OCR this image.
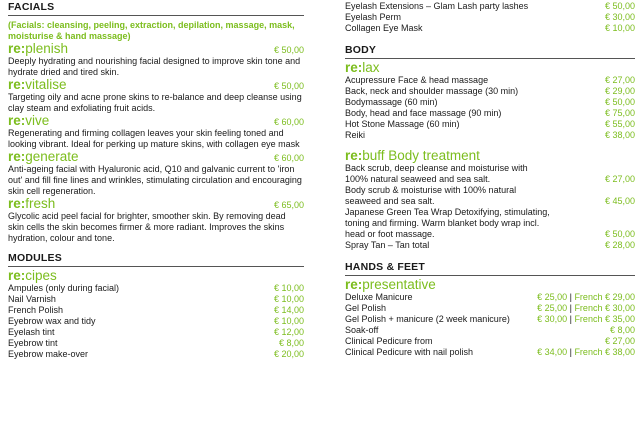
FACIALS
(Facials: cleansing, peeling, extraction, depilation, massage, mask, moisturise & hand massage)
re:plenish	€ 50,00
Deeply hydrating and nourishing facial designed to improve skin tone and hydrate dried and tired skin.
re:vitalise	€ 50,00
Targeting oily and acne prone skins to re-balance and deep cleanse using clay steam and exfoliating fruit acids.
re:vive	€ 60,00
Regenerating and firming collagen leaves your skin feeling toned and looking vibrant. Ideal for perking up mature skins, with collagen eye mask
re:generate	€ 60,00
Anti-ageing facial with Hyaluronic acid, Q10 and galvanic current to 'iron out' and fill fine lines and wrinkles, stimulating circulation and encouraging skin cell regeneration.
re:fresh	€ 65,00
Glycolic acid peel facial for brighter, smoother skin. By removing dead skin cells the skin becomes firmer & more radiant. Improves the skins hydration, colour and tone.
MODULES
re:cipes
Ampules (only during facial)	€ 10,00
Nail Varnish	€ 10,00
French Polish	€ 14,00
Eyebrow wax and tidy	€ 10,00
Eyelash tint	€ 12,00
Eyebrow tint	€ 8,00
Eyebrow make-over	€ 20,00
Eyelash Extensions – Glam Lash party lashes	€ 50,00
Eyelash Perm	€ 30,00
Collagen Eye Mask	€ 10,00
BODY
re:lax
Acupressure Face & head massage	€ 27,00
Back, neck and shoulder massage (30 min)	€ 29,00
Bodymassage (60 min)	€ 50,00
Body, head and face massage (90 min)	€ 75,00
Hot Stone Massage (60 min)	€ 55,00
Reiki	€ 38,00
re:buff Body treatment
Back scrub, deep cleanse and moisturise with 100% natural seaweed and sea salt.	€ 27,00
Body scrub & moisturise with 100% natural seaweed and sea salt.	€ 45,00
Japanese Green Tea Wrap Detoxifying, stimulating, toning and firming. Warm blanket body wrap incl. head or foot massage.	€ 50,00
Spray Tan – Tan total	€ 28,00
HANDS & FEET
re:presentative
Deluxe Manicure	€ 25,00 | French € 29,00
Gel Polish	€ 25,00 | French € 30,00
Gel Polish + manicure (2 week manicure)	€ 30,00 | French € 35,00
Soak-off	€ 8,00
Clinical Pedicure from	€ 27,00
Clinical Pedicure with nail polish	€ 34,00 | French € 38,00
